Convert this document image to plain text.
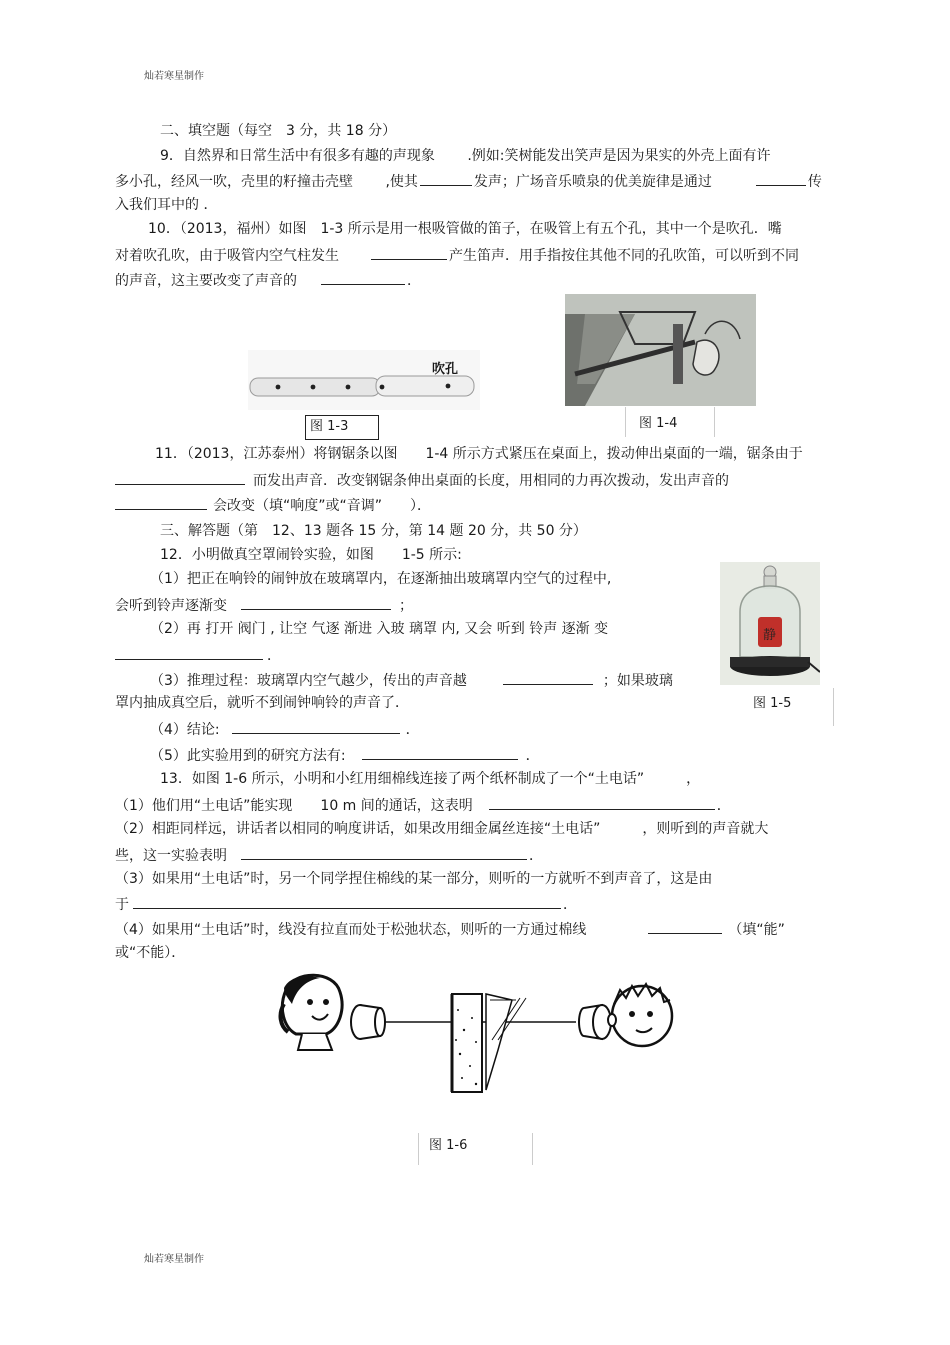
灿若寒星制作
二、填空题（每空　3 分，共 18 分）
9．自然界和日常生活中有很多有趣的声现象　　 .例如:笑树能发出笑声是因为果实的外壳上面有许
多小孔，经风一吹，壳里的籽撞击壳壁　　 ,使其	发声；广场音乐喷泉的优美旋律是通过	传
入我们耳中的 ．
10．（2013，福州）如图　1-3 所示是用一根吸管做的笛子，在吸管上有五个孔，其中一个是吹孔．嘴
对着吹孔吹，由于吸管内空气柱发生	产生笛声．用手指按住其他不同的孔吹笛，可以听到不同
的声音，这主要改变了声音的	．
吹孔
图 1-3	图 1-4
11．（2013，江苏泰州）将钢锯条以图　　1-4 所示方式紧压在桌面上，拨动伸出桌面的一端，锯条由于
而发出声音．改变钢锯条伸出桌面的长度，用相同的力再次拨动，发出声音的
会改变（填“响度”或“音调”　　）．
三、解答题（第　12、13 题各 15 分，第 14 题 20 分，共 50 分）
12．小明做真空罩闹铃实验，如图　　1-5 所示:
（1）把正在响铃的闹钟放在玻璃罩内，在逐渐抽出玻璃罩内空气的过程中,
会听到铃声逐渐变	；
（2）再 打开 阀门 , 让空 气逐 渐进 入玻 璃罩 内, 又会 听到 铃声 逐渐 变
．
（3）推理过程：玻璃罩内空气越少，传出的声音越	；如果玻璃
罩内抽成真空后，就听不到闹钟响铃的声音了．
（4）结论:	．
（5）此实验用到的研究方法有:	．
静
图 1-5
13．如图 1-6 所示，小明和小红用细棉线连接了两个纸杯制成了一个“土电话”　　　，
（1）他们用“土电话”能实现　　10 m 间的通话，这表明	．
（2）相距同样远，讲话者以相同的响度讲话，如果改用细金属丝连接“土电话”　　　，则听到的声音就大
些，这一实验表明	．
（3）如果用“土电话”时，另一个同学捏住棉线的某一部分，则听的一方就听不到声音了，这是由
于	．
（4）如果用“土电话”时，线没有拉直而处于松弛状态，则听的一方通过棉线	（填“能”
或“不能）．
图 1-6
灿若寒星制作
